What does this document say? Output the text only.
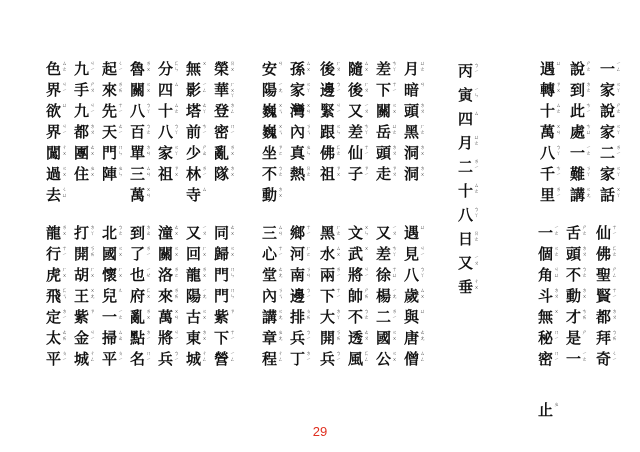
一 ㄧㄥ
家 ㄍㄚ
說 ㄕㄜ
家 ㄍㄚ
二 ㄌㄧ
家 ㄍㄚ
話 ㄨㄚ
說 ㄕㄜ
到 ㄉㄜ
此 ㄘㄧ
處 ㄘㄩ
一 ㄧㄜ
難 ㄋㄚ
講 ㄍㄤ
遇 ㄩ
轉 ㄗㄨ
十 ㄙㄜ
萬 ㄨㄢ
八 ㄅㄚ
千 ㄘㄧ
里 ㄌㄧ
丙 ㄅㄧ
寅 ㄧㄣ
四 ㄙ
月 ㄩㄜ
二 ㄌㄧ
十 ㄙㄜ
八 ㄅㄚ
日 ㄖㄜ
又 ㄧㄡ
垂 ㄔㄨ
月 ㄩㄜ
暗 ㄢ
頭 ㄉㄡ
黑 ㄏㄜ
洞 ㄉㄨ
洞 ㄉㄨ
差 ㄘㄚ
下 ㄒㄧ
關 ㄍㄨ
岳 ㄩㄜ
頭 ㄉㄡ
走 ㄗㄡ
隨 ㄙㄨ
後 ㄏㄡ
又 ㄧㄡ
差 ㄘㄚ
仙 ㄒㄧ
子 ㄗㄧ
後 ㄏㄡ
邊 ㄅㄧ
緊 ㄐㄧ
跟 ㄍㄣ
佛 ㄈㄜ
祖 ㄗㄨ
孫 ㄙㄨ
家 ㄍㄚ
灣 ㄨㄢ
內 ㄋㄟ
真 ㄓㄣ
熱 ㄖㄜ
安 ㄢ
陽 ㄧㄤ
巍 ㄨㄟ
巍 ㄨㄟ
坐 ㄗㄛ
不 ㄅㄜ
動 ㄉㄨ
榮 ㄖㄨ
華 ㄏㄨㄚ
登 ㄉㄥ
密 ㄇㄧ
亂 ㄌㄨ
隊 ㄉㄨ
無 ㄨ
影 ㄧㄥ
塔 ㄊㄚ
前 ㄘㄧ
少 ㄕㄠ
林 ㄌㄧ
寺 ㄙ
分 ㄈㄣ
四 ㄙ
十 ㄙㄜ
八 ㄅㄚ
家 ㄍㄚ
祖 ㄗㄨ
魯 ㄌㄨ
關 ㄍㄨ
八 ㄅㄚ
百 ㄅㄜ
單 ㄉㄢ
三 ㄙㄢ
萬 ㄨㄢ
起 ㄑㄧ
來 ㄌㄞ
先 ㄒㄧ
天 ㄊㄧ
門 ㄇㄣ
陣 ㄓㄣ
九 ㄐㄧ
手 ㄕㄡ
九 ㄐㄧ
都 ㄉㄡ
團 ㄊㄨ
住 ㄓㄨ
色 ㄙㄜ
界 ㄐㄧ
欲 ㄩ
界 ㄐㄧ
闖 ㄔㄨ
過 ㄍㄨ
去 ㄑㄩ
仙 ㄒㄧ
佛 ㄈㄜ
聖 ㄕㄥ
賢 ㄒㄧ
都 ㄉㄡ
拜 ㄅㄞ
奇 ㄑㄧ
舌 ㄕㄜ
頭 ㄉㄡ
不 ㄅㄜ
動 ㄉㄨ
才 ㄘㄞ
是 ㄕ
一 ㄧㄜ
一 ㄧㄜ
個 ㄍㄜ
角 ㄐㄩ
斗 ㄉㄡ
無 ㄨ
秘 ㄇㄧ
密 ㄇㄧ
止 ㄓ
遇 ㄩ
見 ㄐㄧ
八 ㄅㄚ
歲 ㄙㄨ
與 ㄩ
唐 ㄊㄤ
僧 ㄙㄥ
又 ㄧㄡ
差 ㄘㄚ
徐 ㄒㄩ
楊 ㄧㄤ
二 ㄌㄧ
國 ㄍㄨ
公 ㄍㄨ
文 ㄨㄣ
武 ㄨ
將 ㄐㄧ
帥 ㄕㄞ
不 ㄅㄜ
透 ㄊㄡ
風 ㄈㄥ
黑 ㄏㄜ
水 ㄙㄨ
兩 ㄌㄧ
下 ㄒㄧ
大 ㄉㄚ
開 ㄎㄞ
兵 ㄅㄧ
鄉 ㄒㄧ
河 ㄏㄛ
南 ㄋㄢ
邊 ㄅㄧ
排 ㄆㄞ
兵 ㄅㄧ
丁 ㄉㄧ
三 ㄙㄢ
心 ㄒㄧ
堂 ㄊㄤ
內 ㄋㄟ
講 ㄍㄤ
章 ㄓㄤ
程 ㄔㄥ
同 ㄊㄨ
歸 ㄍㄨ
門 ㄇㄣ
門 ㄇㄣ
紫 ㄗ
下 ㄒㄧ
營 ㄧㄥ
又 ㄧㄡ
回 ㄏㄨ
龍 ㄌㄨ
陽 ㄧㄤ
古 ㄍㄨ
東 ㄉㄨ
城 ㄔㄥ
潼 ㄊㄨ
關 ㄍㄨ
洛 ㄌㄛ
來 ㄌㄞ
萬 ㄨㄢ
將 ㄐㄧ
兵 ㄅㄧ
到 ㄉㄠ
了 ㄌㄧ
也 ㄧㄝ
府 ㄈㄨ
亂 ㄌㄨ
點 ㄉㄧ
名 ㄇㄧ
北 ㄅㄜ
國 ㄍㄨ
懷 ㄏㄨ
兒 ㄦ
一 ㄧㄜ
掃 ㄙㄠ
平 ㄆㄧ
打 ㄉㄚ
開 ㄎㄞ
胡 ㄏㄨ
王 ㄨㄤ
紫 ㄗ
金 ㄐㄧ
城 ㄔㄥ
龍 ㄌㄨ
行 ㄒㄧ
虎 ㄏㄨ
飛 ㄈㄟ
定 ㄉㄧ
太 ㄊㄞ
平 ㄆㄧ
29
